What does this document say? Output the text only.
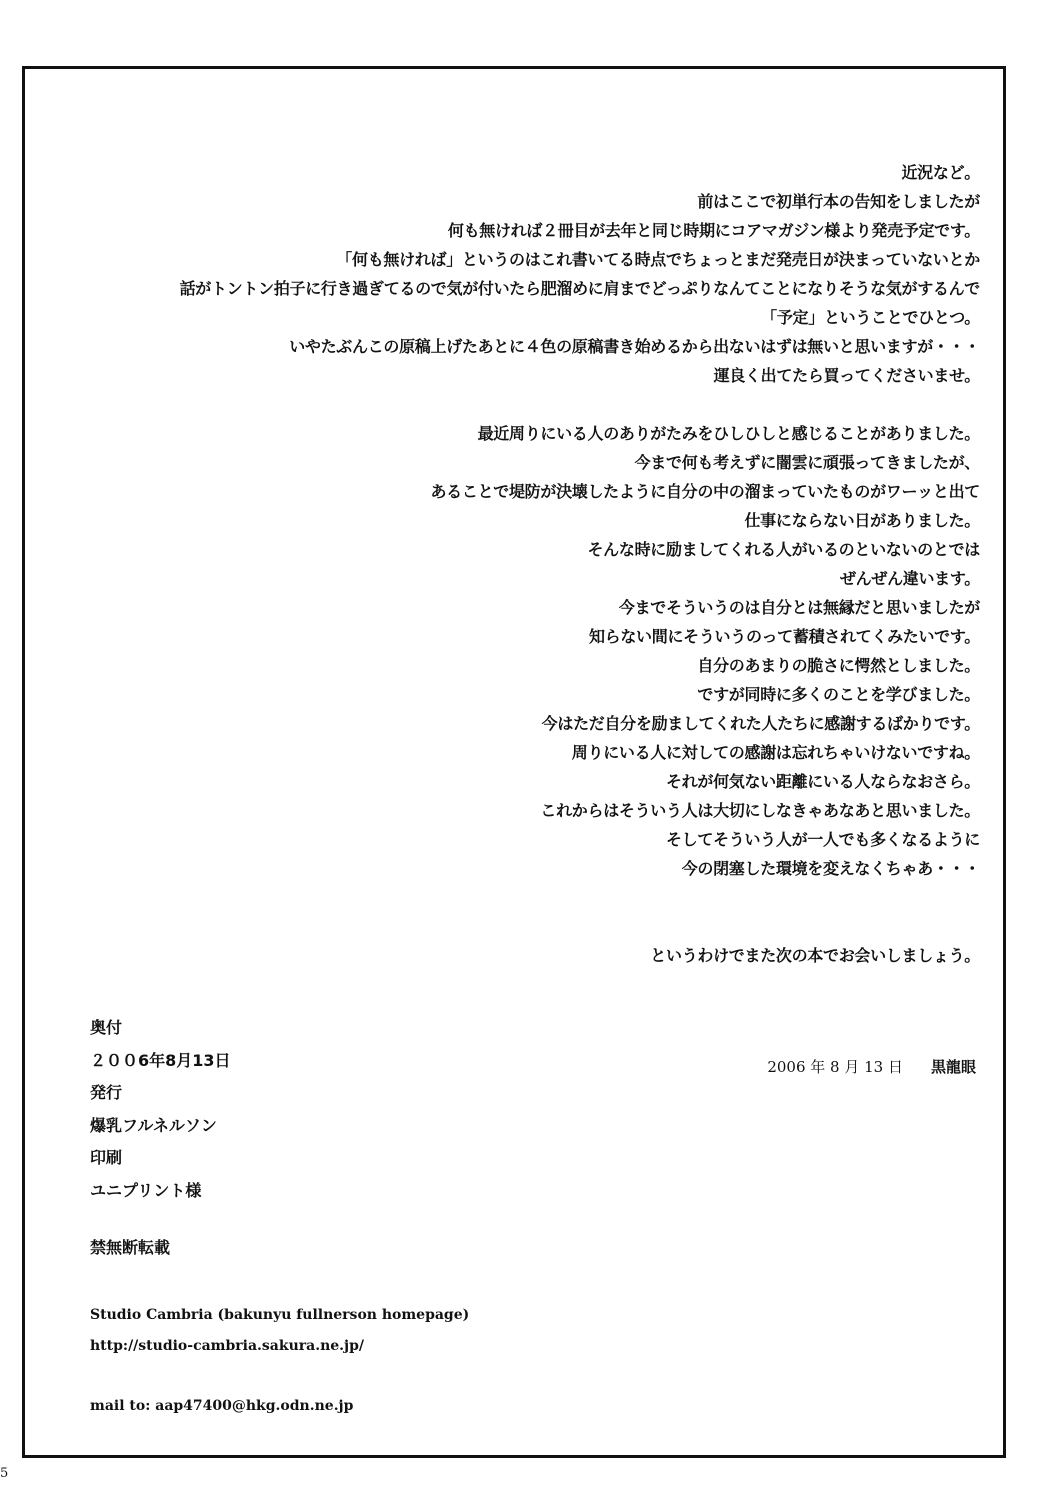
近況など。
前はここで初単行本の告知をしましたが
何も無ければ２冊目が去年と同じ時期にコアマガジン様より発売予定です。
「何も無ければ」というのはこれ書いてる時点でちょっとまだ発売日が決まっていないとか
話がトントン拍子に行き過ぎてるので気が付いたら肥溜めに肩までどっぷりなんてことになりそうな気がするんで
「予定」ということでひとつ。
いやたぶんこの原稿上げたあとに４色の原稿書き始めるから出ないはずは無いと思いますが・・・
運良く出てたら買ってくださいませ。
最近周りにいる人のありがたみをひしひしと感じることがありました。
今まで何も考えずに闇雲に頑張ってきましたが、
あることで堤防が決壊したように自分の中の溜まっていたものがワーッと出て
仕事にならない日がありました。
そんな時に励ましてくれる人がいるのといないのとでは
ぜんぜん違います。
今までそういうのは自分とは無縁だと思いましたが
知らない間にそういうのって蓄積されてくみたいです。
自分のあまりの脆さに愕然としました。
ですが同時に多くのことを学びました。
今はただ自分を励ましてくれた人たちに感謝するばかりです。
周りにいる人に対しての感謝は忘れちゃいけないですね。
それが何気ない距離にいる人ならなおさら。
これからはそういう人は大切にしなきゃあなあと思いました。
そしてそういう人が一人でも多くなるように
今の閉塞した環境を変えなくちゃあ・・・
というわけでまた次の本でお会いしましょう。
2006 年 8 月 13 日 黒龍眼
奥付
２００6年8月13日
発行
爆乳フルネルソン
印刷
ユニプリント様
禁無断転載
Studio Cambria (bakunyu fullnerson homepage)
http://studio-cambria.sakura.ne.jp/
mail to: aap47400@hkg.odn.ne.jp
5
